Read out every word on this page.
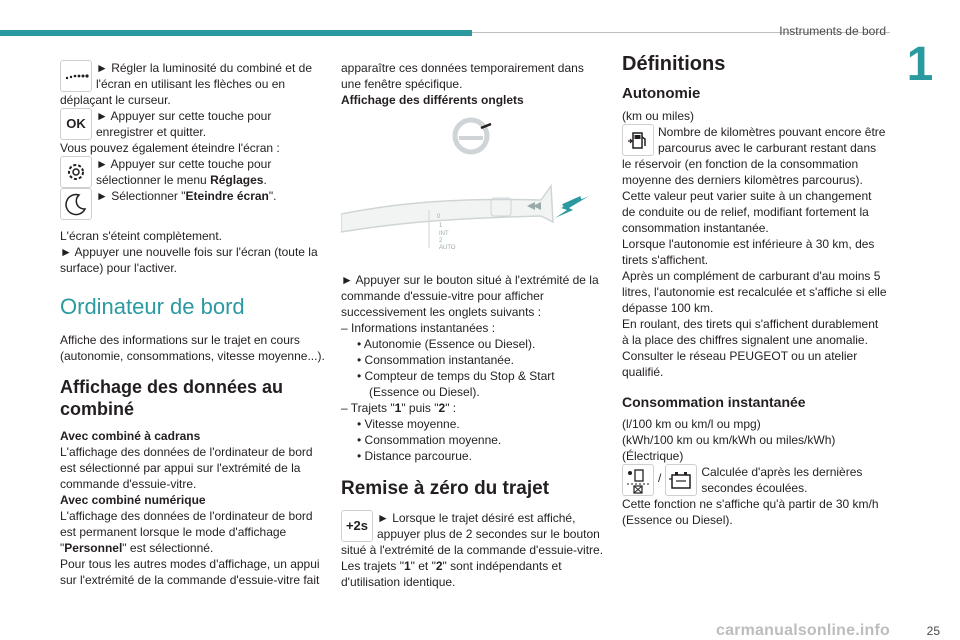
Instruments de bord
1
25
carmanualsonline.info
► Régler la luminosité du combiné et de l'écran en utilisant les flèches ou en

déplaçant le curseur.

OK ► Appuyer sur cette touche pour enregistrer et quitter.

Vous pouvez également éteindre l'écran :

► Appuyer sur cette touche pour sélectionner le menu Réglages.
► Sélectionner "Eteindre écran".

L'écran s'éteint complètement.

► Appuyer une nouvelle fois sur l'écran (toute la surface) pour l'activer.

Ordinateur de bord

Affiche des informations sur le trajet en cours (autonomie, consommations, vitesse moyenne...).

Affichage des données au combiné

Avec combiné à cadrans

L'affichage des données de l'ordinateur de bord est sélectionné par appui sur l'extrémité de la commande d'essuie-vitre.

Avec combiné numérique

L'affichage des données de l'ordinateur de bord est permanent lorsque le mode d'affichage "Personnel" est sélectionné.

Pour tous les autres modes d'affichage, un appui sur l'extrémité de la commande d'essuie-vitre fait

apparaître ces données temporairement dans une fenêtre spécifique.

Affichage des différents onglets

0
1
INT
2
AUTO

► Appuyer sur le bouton situé à l'extrémité de la commande d'essuie-vitre pour afficher successivement les onglets suivants :

– Informations instantanées :

• Autonomie (Essence ou Diesel).

• Consommation instantanée.

• Compteur de temps du Stop & Start (Essence ou Diesel).

– Trajets "1" puis "2" :

• Vitesse moyenne.

• Consommation moyenne.

• Distance parcourue.

Remise à zéro du trajet
+2s ► Lorsque le trajet désiré est affiché, appuyer plus de 2 secondes sur le bouton situé à l'extrémité de la commande d'essuie-vitre.

Les trajets "1" et "2" sont indépendants et d'utilisation identique.

Définitions
Autonomie

(km ou miles)

Nombre de kilomètres pouvant encore être parcourus avec le carburant restant dans le réservoir (en fonction de la consommation moyenne des derniers kilomètres parcourus).

Cette valeur peut varier suite à un changement de conduite ou de relief, modifiant fortement la consommation instantanée.

Lorsque l'autonomie est inférieure à 30 km, des tirets s'affichent.

Après un complément de carburant d'au moins 5 litres, l'autonomie est recalculée et s'affiche si elle dépasse 100 km.

En roulant, des tirets qui s'affichent durablement à la place des chiffres signalent une anomalie. Consulter le réseau PEUGEOT ou un atelier qualifié.

Consommation instantanée

(l/100 km ou km/l ou mpg)

(kWh/100 km ou km/kWh ou miles/kWh)

(Électrique)

/	Calculée d'après les dernières secondes écoulées.

Cette fonction ne s'affiche qu'à partir de 30 km/h (Essence ou Diesel).
